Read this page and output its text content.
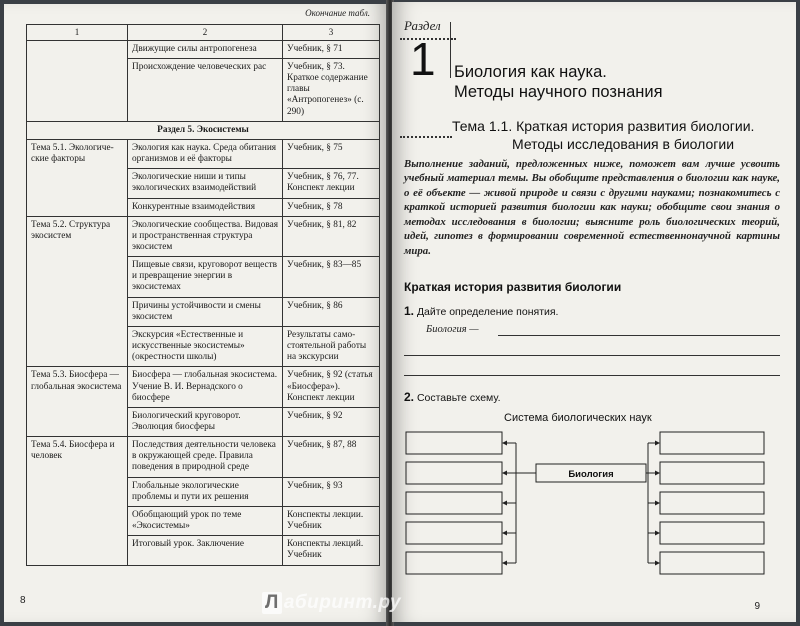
Окончание табл.
1	2	3
	Движущие силы антропогенеза	Учебник, § 71
	Происхождение человеческих рас	Учебник, § 73. Краткое содержание главы «Антропогенез» (с. 290)
Раздел 5. Экосистемы		
Тема 5.1. Экологические факторы	Экология как наука. Среда обитания организмов и её факторы	Учебник, § 75
	Экологические ниши и типы экологических взаимодействий	Учебник, § 76, 77. Конспект лекции
	Конкурентные взаимодействия	Учебник, § 78
Тема 5.2. Структура экосистем	Экологические сообщества. Видовая и пространственная структура экосистем	Учебник, § 81, 82
	Пищевые связи, круговорот веществ и превращение энергии в экосистемах	Учебник, § 83—85
	Причины устойчивости и смены экосистем	Учебник, § 86
	Экскурсия «Естественные и искусственные экосистемы» (окрестности школы)	Результаты самостоятельной работы на экскурсии
Тема 5.3. Биосфера — глобальная экосистема	Биосфера — глобальная экосистема. Учение В. И. Вернадского о биосфере	Учебник, § 92 (статья «Биосфера»). Конспект лекции
	Биологический круговорот. Эволюция биосферы	Учебник, § 92
Тема 5.4. Биосфера и человек	Последствия деятельности человека в окружающей среде. Правила поведения в природной среде	Учебник, § 87, 88
	Глобальные экологические проблемы и пути их решения	Учебник, § 93
	Обобщающий урок по теме «Экосистемы»	Конспекты лекции. Учебник
	Итоговый урок. Заключение	Конспекты лекций. Учебник
8
Раздел
1 Биология как наука.
Методы научного познания
Тема 1.1. Краткая история развития биологии.
Методы исследования в биологии
Выполнение заданий, предложенных ниже, поможет вам лучше усвоить учебный материал темы. Вы обобщите представления о биологии как науке, о её объекте — живой природе и связи с другими науками; познакомитесь с краткой историей развития биологии как науки; обобщите свои знания о методах исследования в биологии; выясните роль биологических теорий, идей, гипотез в формировании современной естественнонаучной картины мира.
Краткая история развития биологии
1. Дайте определение понятия.
Биология —
2. Составьте схему.
Система биологических наук
Биология
9
Л абиринт.ру
